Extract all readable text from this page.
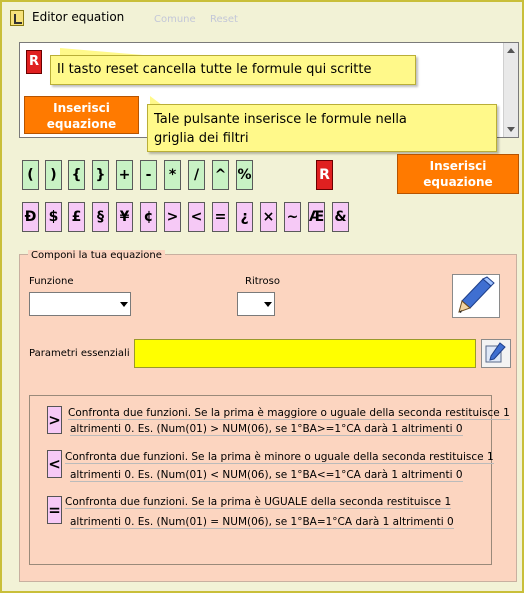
Editor equation	Comune Reset
R
Inserisci
equazione
Il tasto reset cancella tutte le formule qui scritte
Tale pulsante inserisce le formule nella
griglia dei filtri
(	)	{ } +	-	*	/	^ %	R
Inserisci
equazione
Đ $ £	§	¥ ¢ > < =	¿	× ~ Æ &
Componi la tua equazione
Funzione	Ritroso
Parametri essenziali
> Confronta due funzioni. Se la prima è maggiore o uguale della seconda restituisce 1
altrimenti 0. Es. (Num(01) > NUM(06), se 1°BA>=1°CA darà 1 altrimenti 0
< Confronta due funzioni. Se la prima è minore o uguale della seconda restituisce 1
altrimenti 0. Es. (Num(01) < NUM(06), se 1°BA<=1°CA darà 1 altrimenti 0
= Confronta due funzioni. Se la prima è UGUALE della seconda restituisce 1
altrimenti 0. Es. (Num(01) = NUM(06), se 1°BA=1°CA darà 1 altrimenti 0
